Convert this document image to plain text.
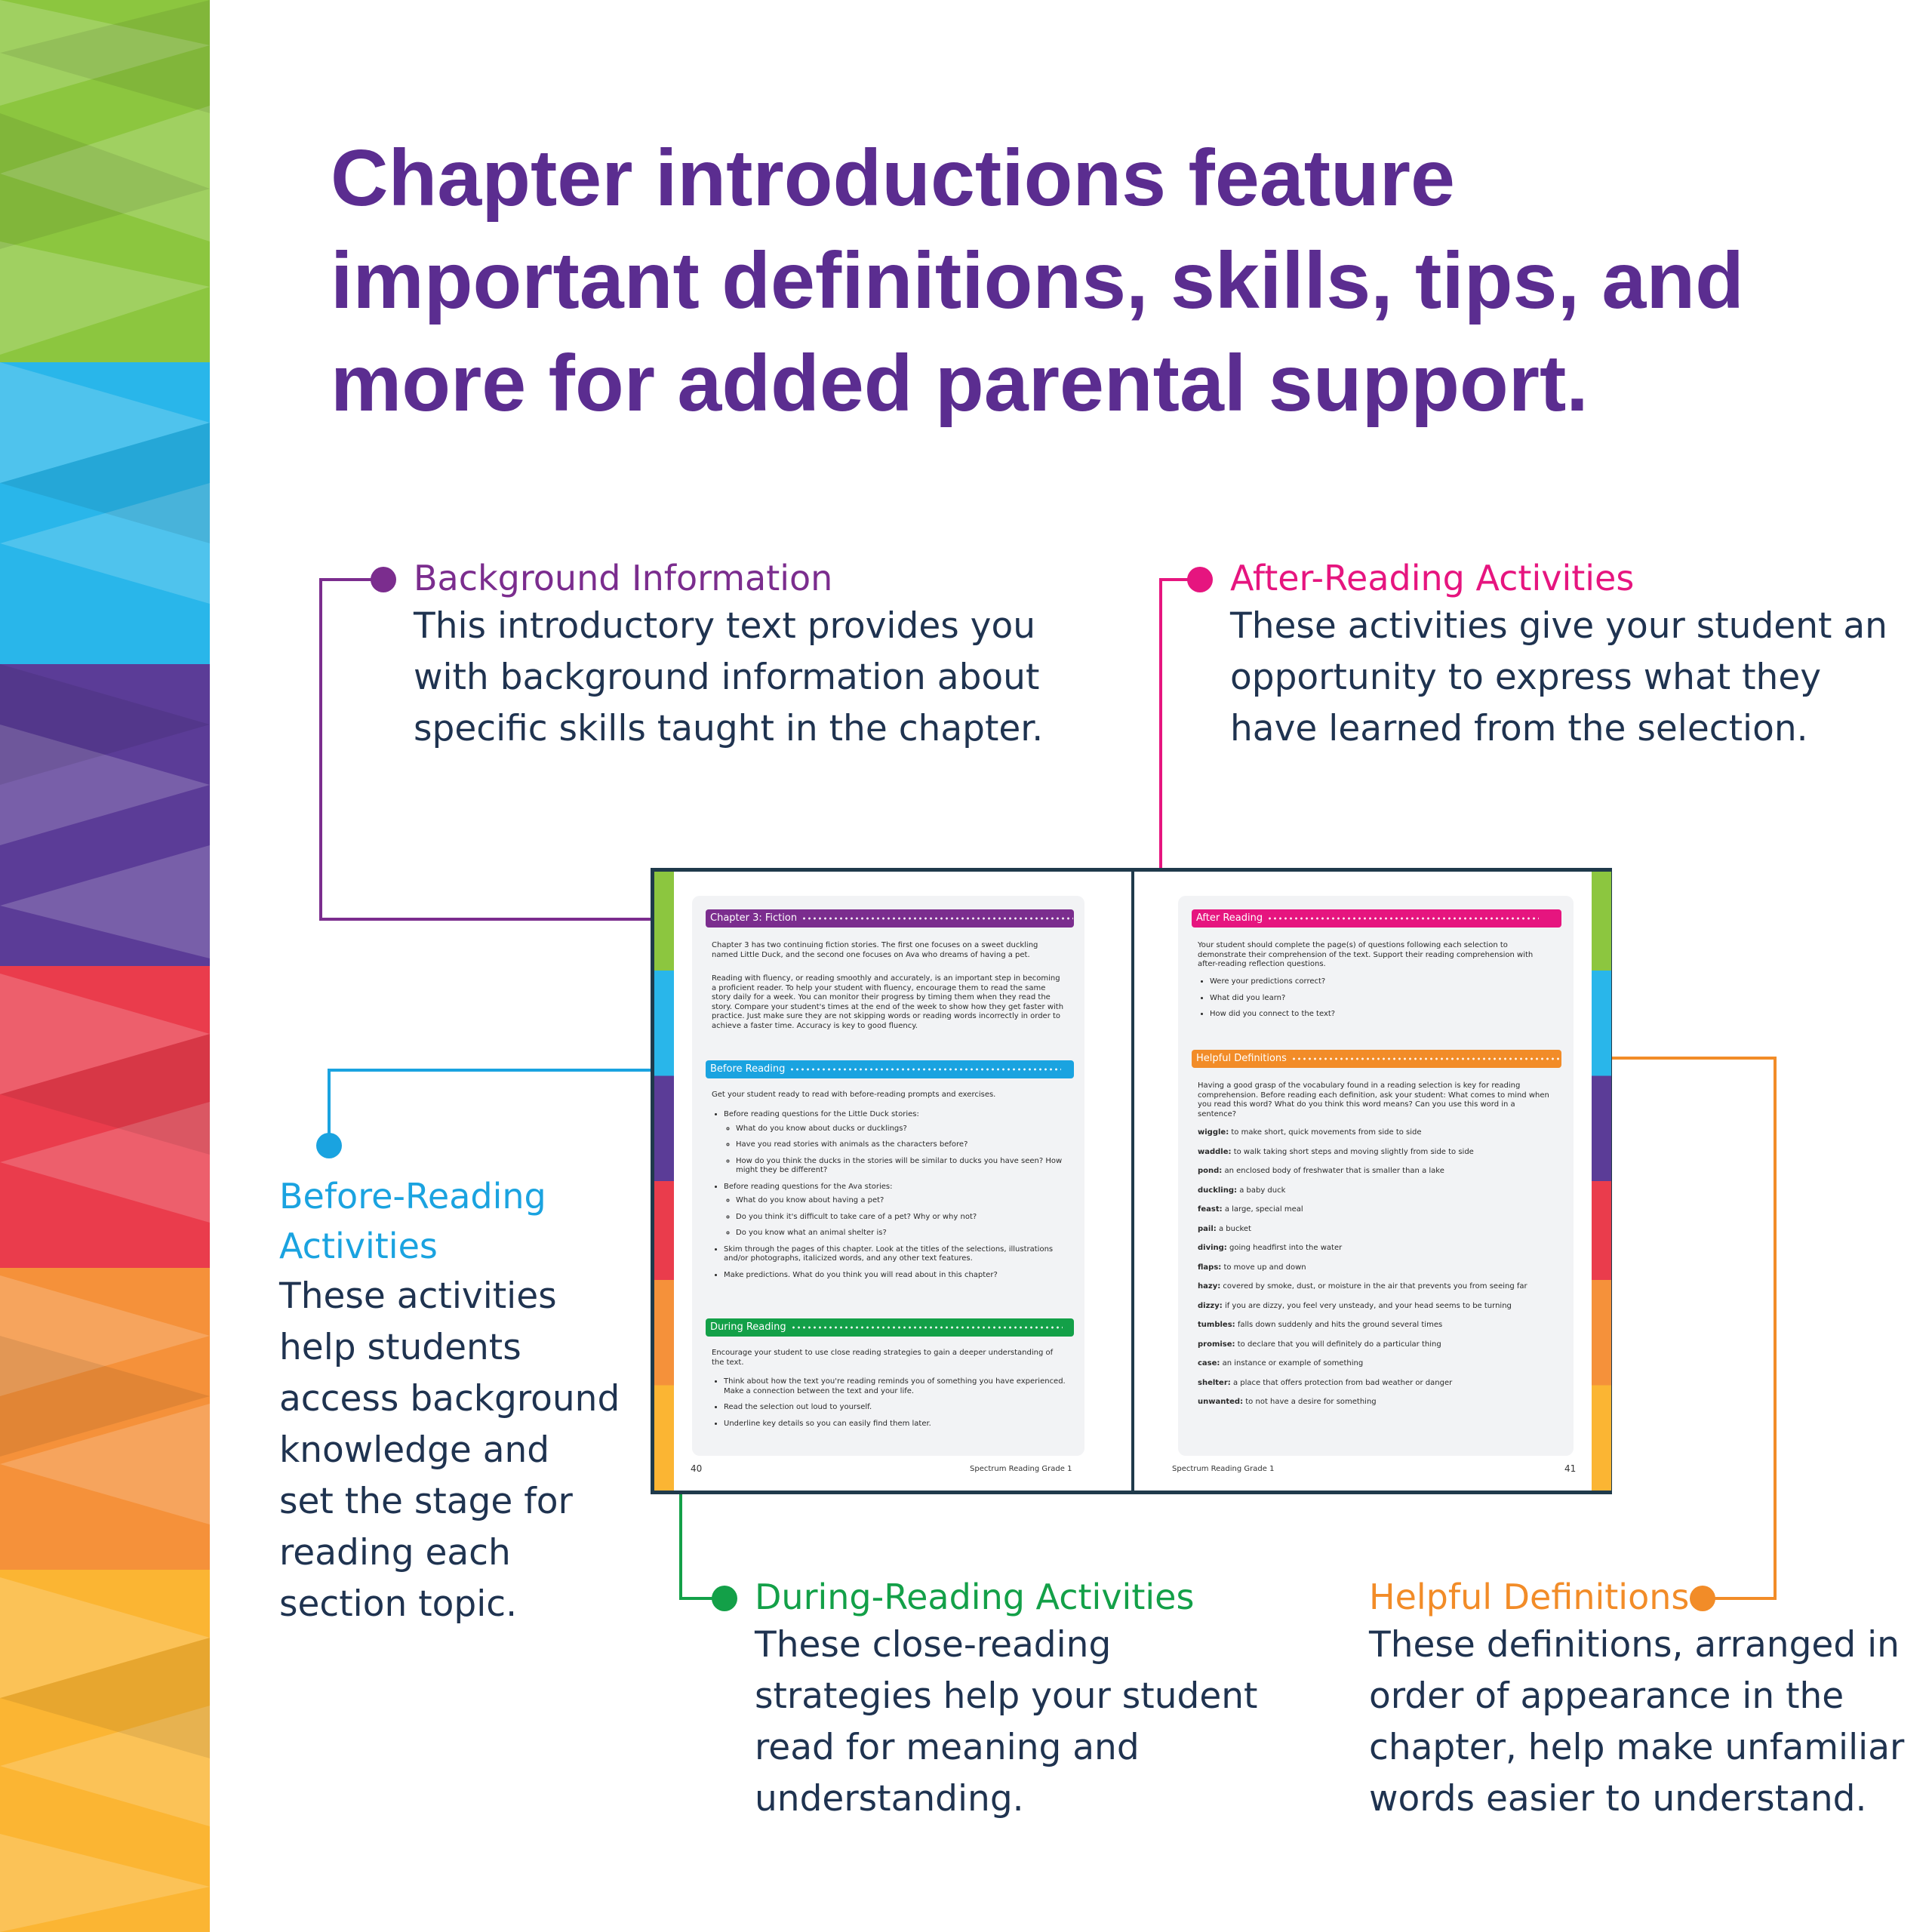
Chapter introductions feature
important definitions, skills, tips, and
more for added parental support.
Background Information
This introductory text provides you
with background information about
specific skills taught in the chapter.
After-Reading Activities
These activities give your student an
opportunity to express what they
have learned from the selection.
Before-Reading
Activities
These activities
help students
access background
knowledge and
set the stage for
reading each
section topic.	During-Reading Activities
These close-reading
strategies help your student
read for meaning and
understanding.
Helpful Definitions
These definitions, arranged in
order of appearance in the
chapter, help make unfamiliar
words easier to understand.
Chapter 3: Fiction
Chapter 3 has two continuing fiction stories. The first one focuses on a sweet duckling named Little Duck, and the second one focuses on Ava who dreams of having a pet.
Reading with fluency, or reading smoothly and accurately, is an important step in becoming a proficient reader. To help your student with fluency, encourage them to read the same story daily for a week. You can monitor their progress by timing them when they read the story. Compare your student's times at the end of the week to show how they get faster with practice. Just make sure they are not skipping words or reading words incorrectly in order to achieve a faster time. Accuracy is key to good fluency.
Before Reading
Get your student ready to read with before-reading prompts and exercises.
• Before reading questions for the Little Duck stories:
◦ What do you know about ducks or ducklings?
◦ Have you read stories with animals as the characters before?
◦ How do you think the ducks in the stories will be similar to ducks you have seen? How might they be different?
• Before reading questions for the Ava stories:
◦ What do you know about having a pet?
◦ Do you think it's difficult to take care of a pet? Why or why not?
◦ Do you know what an animal shelter is?
• Skim through the pages of this chapter. Look at the titles of the selections, illustrations and/or photographs, italicized words, and any other text features.
• Make predictions. What do you think you will read about in this chapter?
During Reading
Encourage your student to use close reading strategies to gain a deeper understanding of the text.
• Think about how the text you're reading reminds you of something you have experienced. Make a connection between the text and your life.
• Read the selection out loud to yourself.
• Underline key details so you can easily find them later.
40	Spectrum Reading Grade 1
After Reading
Your student should complete the page(s) of questions following each selection to demonstrate their comprehension of the text. Support their reading comprehension with after-reading reflection questions.
• Were your predictions correct?
• What did you learn?
• How did you connect to the text?
Helpful Definitions
Having a good grasp of the vocabulary found in a reading selection is key for reading comprehension. Before reading each definition, ask your student: What comes to mind when you read this word? What do you think this word means? Can you use this word in a sentence?
wiggle: to make short, quick movements from side to side
waddle: to walk taking short steps and moving slightly from side to side
pond: an enclosed body of freshwater that is smaller than a lake
duckling: a baby duck
feast: a large, special meal
pail: a bucket
diving: going headfirst into the water
flaps: to move up and down
hazy: covered by smoke, dust, or moisture in the air that prevents you from seeing far
dizzy: if you are dizzy, you feel very unsteady, and your head seems to be turning
tumbles: falls down suddenly and hits the ground several times
promise: to declare that you will definitely do a particular thing
case: an instance or example of something
shelter: a place that offers protection from bad weather or danger
unwanted: to not have a desire for something
Spectrum Reading Grade 1	41
